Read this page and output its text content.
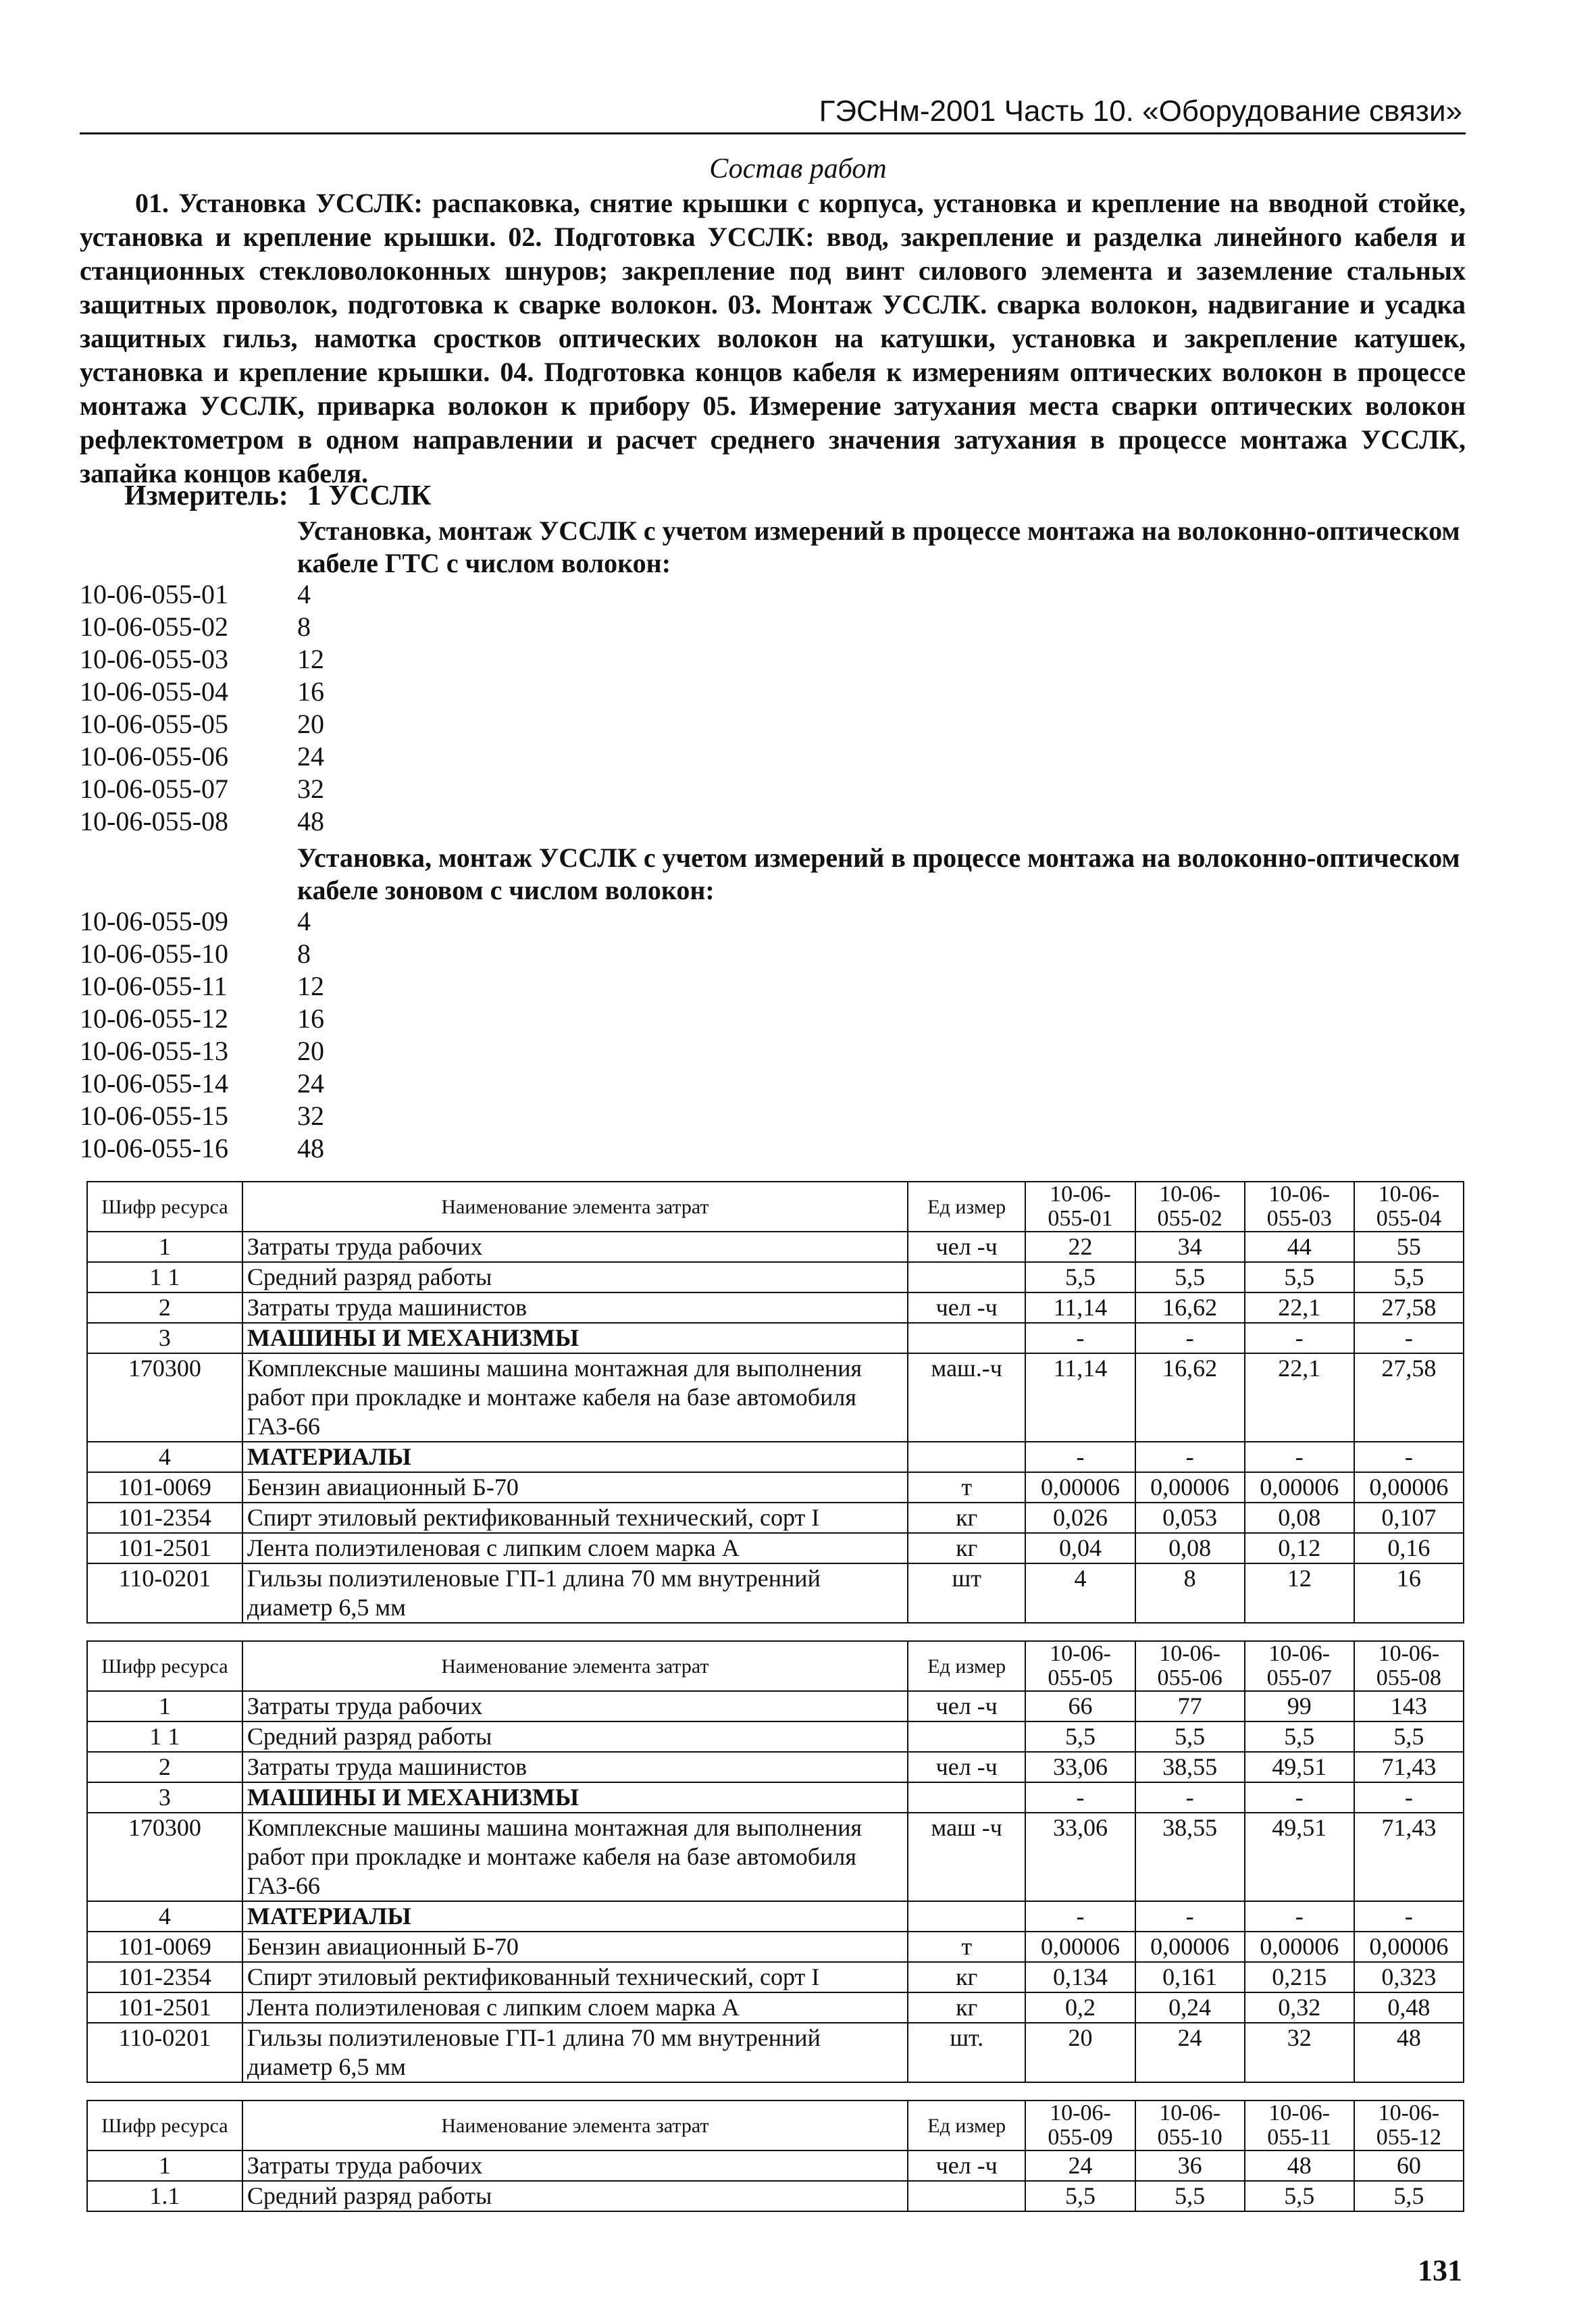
ГЭСНм-2001 Часть 10. «Оборудование связи»
Состав работ

01. Установка УССЛК: распаковка, снятие крышки с корпуса, установка и крепление на вводной стойке, установка и крепление крышки. 02. Подготовка УССЛК: ввод, закрепление и разделка линейного кабеля и станционных стекловолоконных шнуров; закрепление под винт силового элемента и заземление стальных защитных проволок, подготовка к сварке волокон. 03. Монтаж УССЛК. сварка волокон, надвигание и усадка защитных гильз, намотка сростков оптических волокон на катушки, установка и закрепление катушек, установка и крепление крышки. 04. Подготовка концов кабеля к измерениям оптических волокон в процессе монтажа УССЛК, приварка волокон к прибору 05. Измерение затухания места сварки оптических волокон рефлектометром в одном направлении и расчет среднего значения затухания в процессе монтажа УССЛК, запайка концов кабеля.

Измеритель: 1 УССЛК
Установка, монтаж УССЛК с учетом измерений в процессе монтажа на волоконно-оптическом кабеле ГТС с числом волокон:
10-06-055-01	4
10-06-055-02	8
10-06-055-03	12
10-06-055-04	16
10-06-055-05	20
10-06-055-06	24
10-06-055-07	32
10-06-055-08	48
Установка, монтаж УССЛК с учетом измерений в процессе монтажа на волоконно-оптическом кабеле зоновом с числом волокон:
10-06-055-09	4
10-06-055-10	8
10-06-055-11	12
10-06-055-12	16
10-06-055-13	20
10-06-055-14	24
10-06-055-15	32
10-06-055-16	48
Шифр ресурса	Наименование элемента затрат	Ед измер	10-06-055-01	10-06-055-02	10-06-055-03	10-06-055-04
1	Затраты труда рабочих	чел -ч	22	34	44	55
1 1	Средний разряд работы		5,5	5,5	5,5	5,5
2	Затраты труда машинистов	чел -ч	11,14	16,62	22,1	27,58
3	МАШИНЫ И МЕХАНИЗМЫ		-	-	-	-
170300	Комплексные машины машина монтажная для выполнения работ при прокладке и монтаже кабеля на базе автомобиля ГАЗ-66	маш.-ч	11,14	16,62	22,1	27,58
4	МАТЕРИАЛЫ		-	-	-	-
101-0069	Бензин авиационный Б-70	т	0,00006	0,00006	0,00006	0,00006
101-2354	Спирт этиловый ректификованный технический, сорт I	кг	0,026	0,053	0,08	0,107
101-2501	Лента полиэтиленовая с липким слоем марка А	кг	0,04	0,08	0,12	0,16
110-0201	Гильзы полиэтиленовые ГП-1 длина 70 мм внутренний диаметр 6,5 мм	шт	4	8	12	16
Шифр ресурса	Наименование элемента затрат	Ед измер	10-06-055-05	10-06-055-06	10-06-055-07	10-06-055-08
1	Затраты труда рабочих	чел -ч	66	77	99	143
1 1	Средний разряд работы		5,5	5,5	5,5	5,5
2	Затраты труда машинистов	чел -ч	33,06	38,55	49,51	71,43
3	МАШИНЫ И МЕХАНИЗМЫ		-	-	-	-
170300	Комплексные машины машина монтажная для выполнения работ при прокладке и монтаже кабеля на базе автомобиля ГАЗ-66	маш -ч	33,06	38,55	49,51	71,43
4	МАТЕРИАЛЫ		-	-	-	-
101-0069	Бензин авиационный Б-70	т	0,00006	0,00006	0,00006	0,00006
101-2354	Спирт этиловый ректификованный технический, сорт I	кг	0,134	0,161	0,215	0,323
101-2501	Лента полиэтиленовая с липким слоем марка А	кг	0,2	0,24	0,32	0,48
110-0201	Гильзы полиэтиленовые ГП-1 длина 70 мм внутренний диаметр 6,5 мм	шт.	20	24	32	48
Шифр ресурса	Наименование элемента затрат	Ед измер	10-06-055-09	10-06-055-10	10-06-055-11	10-06-055-12
1	Затраты труда рабочих	чел -ч	24	36	48	60
1.1	Средний разряд работы		5,5	5,5	5,5	5,5
131
